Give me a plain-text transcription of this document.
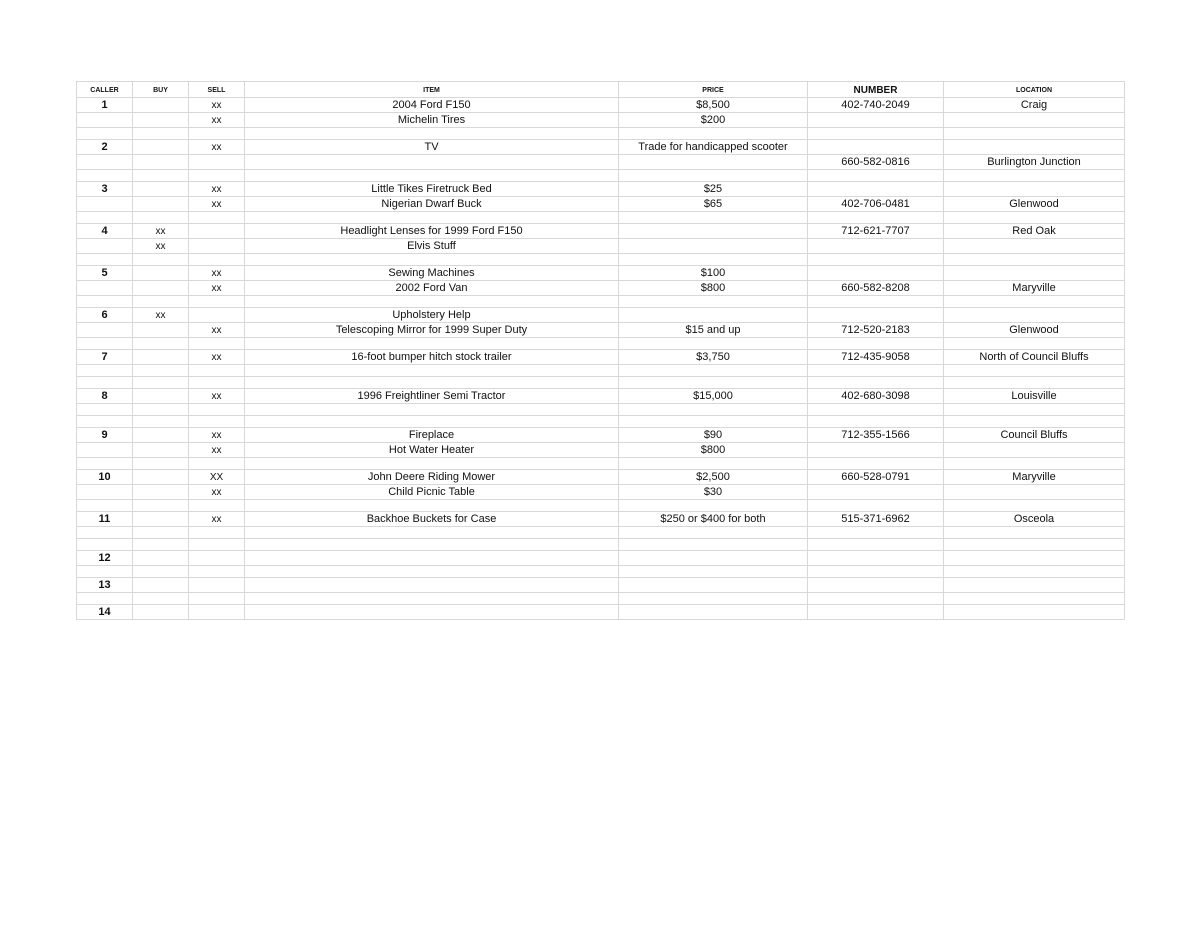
CALLER	BUY	SELL	ITEM	PRICE	NUMBER	LOCATION
1		xx	2004 Ford F150	$8,500	402-740-2049	Craig
		xx	Michelin Tires	$200		

2		xx	TV	Trade for handicapped scooter		
					660-582-0816	Burlington Junction

3		xx	Little Tikes Firetruck Bed	$25		
		xx	Nigerian Dwarf Buck	$65	402-706-0481	Glenwood

4	xx		Headlight Lenses for 1999 Ford F150		712-621-7707	Red Oak
	xx		Elvis Stuff			

5		xx	Sewing Machines	$100		
		xx	2002 Ford Van	$800	660-582-8208	Maryville

6	xx		Upholstery Help			
		xx	Telescoping Mirror for 1999 Super Duty	$15 and up	712-520-2183	Glenwood

7		xx	16-foot bumper hitch stock trailer	$3,750	712-435-9058	North of Council Bluffs

8		xx	1996 Freightliner Semi Tractor	$15,000	402-680-3098	Louisville

9		xx	Fireplace	$90	712-355-1566	Council Bluffs
		xx	Hot Water Heater	$800		

10		XX	John Deere Riding Mower	$2,500	660-528-0791	Maryville
		xx	Child Picnic Table	$30		

11		xx	Backhoe Buckets for Case	$250 or $400 for both	515-371-6962	Osceola

12						

13						

14						
